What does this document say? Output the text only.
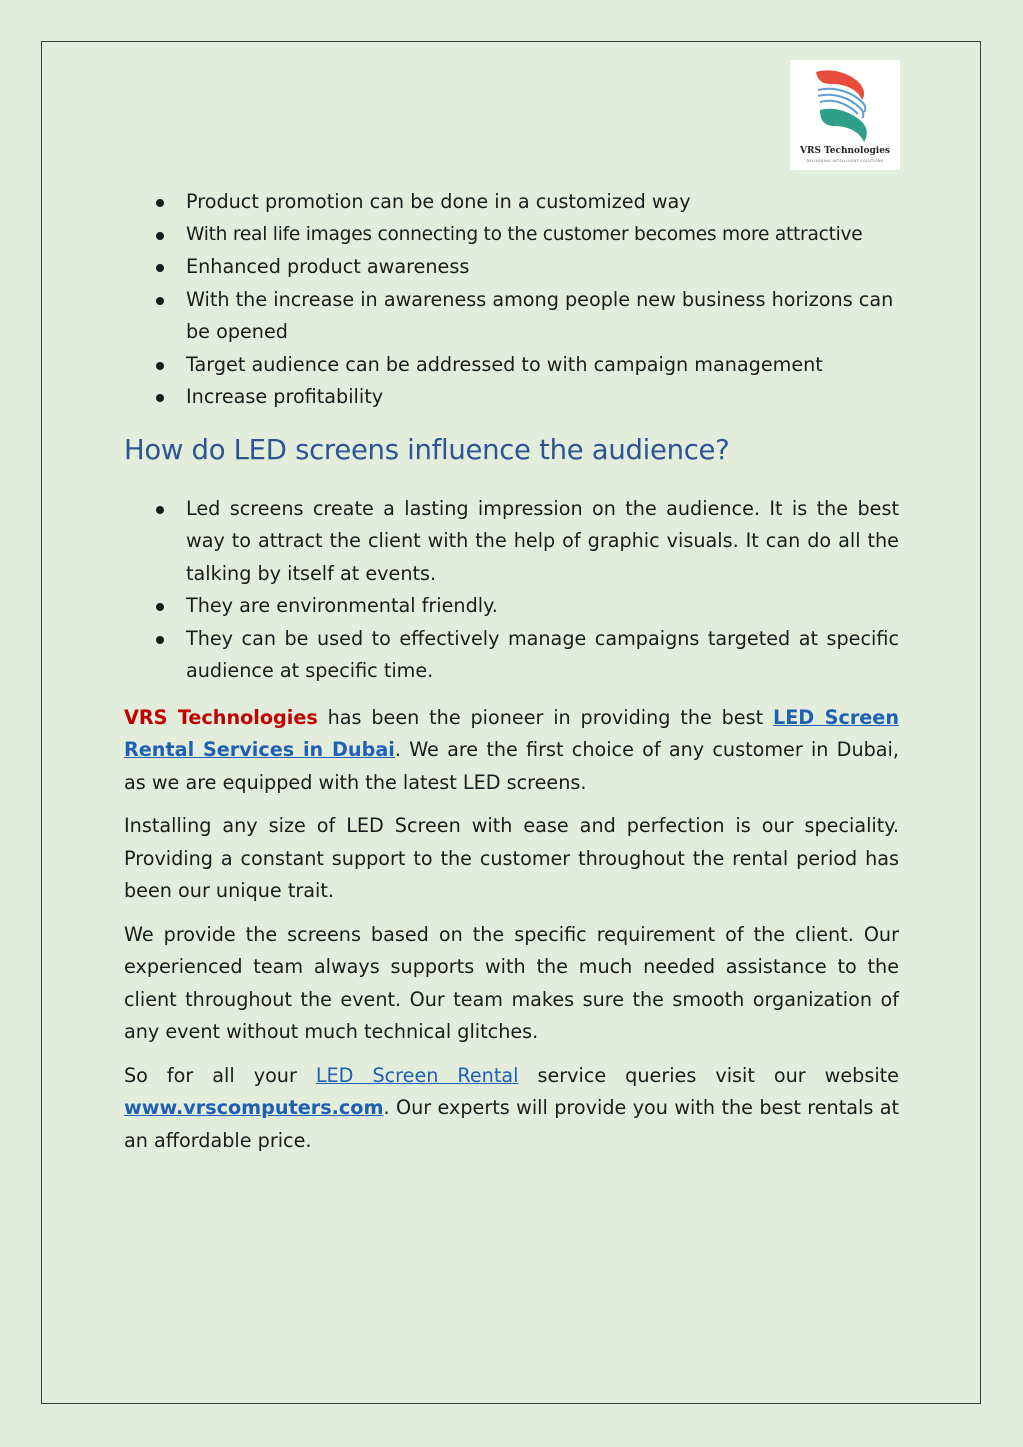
VRS Technologies
DELIVERING INTELLIGENT SOLUTIONS
Product promotion can be done in a customized way
With real life images connecting to the customer becomes more attractive
Enhanced product awareness
With the increase in awareness among people new business horizons can be opened
Target audience can be addressed to with campaign management
Increase profitability
How do LED screens influence the audience?
Led screens create a lasting impression on the audience. It is the best way to attract the client with the help of graphic visuals. It can do all the talking by itself at events.
They are environmental friendly.
They can be used to effectively manage campaigns targeted at specific audience at specific time.

VRS Technologies has been the pioneer in providing the best LED Screen Rental Services in Dubai. We are the first choice of any customer in Dubai, as we are equipped with the latest LED screens.

Installing any size of LED Screen with ease and perfection is our speciality. Providing a constant support to the customer throughout the rental period has been our unique trait.

We provide the screens based on the specific requirement of the client. Our experienced team always supports with the much needed assistance to the client throughout the event. Our team makes sure the smooth organization of any event without much technical glitches.

So for all your LED Screen Rental service queries visit our website www.vrscomputers.com. Our experts will provide you with the best rentals at an affordable price.
